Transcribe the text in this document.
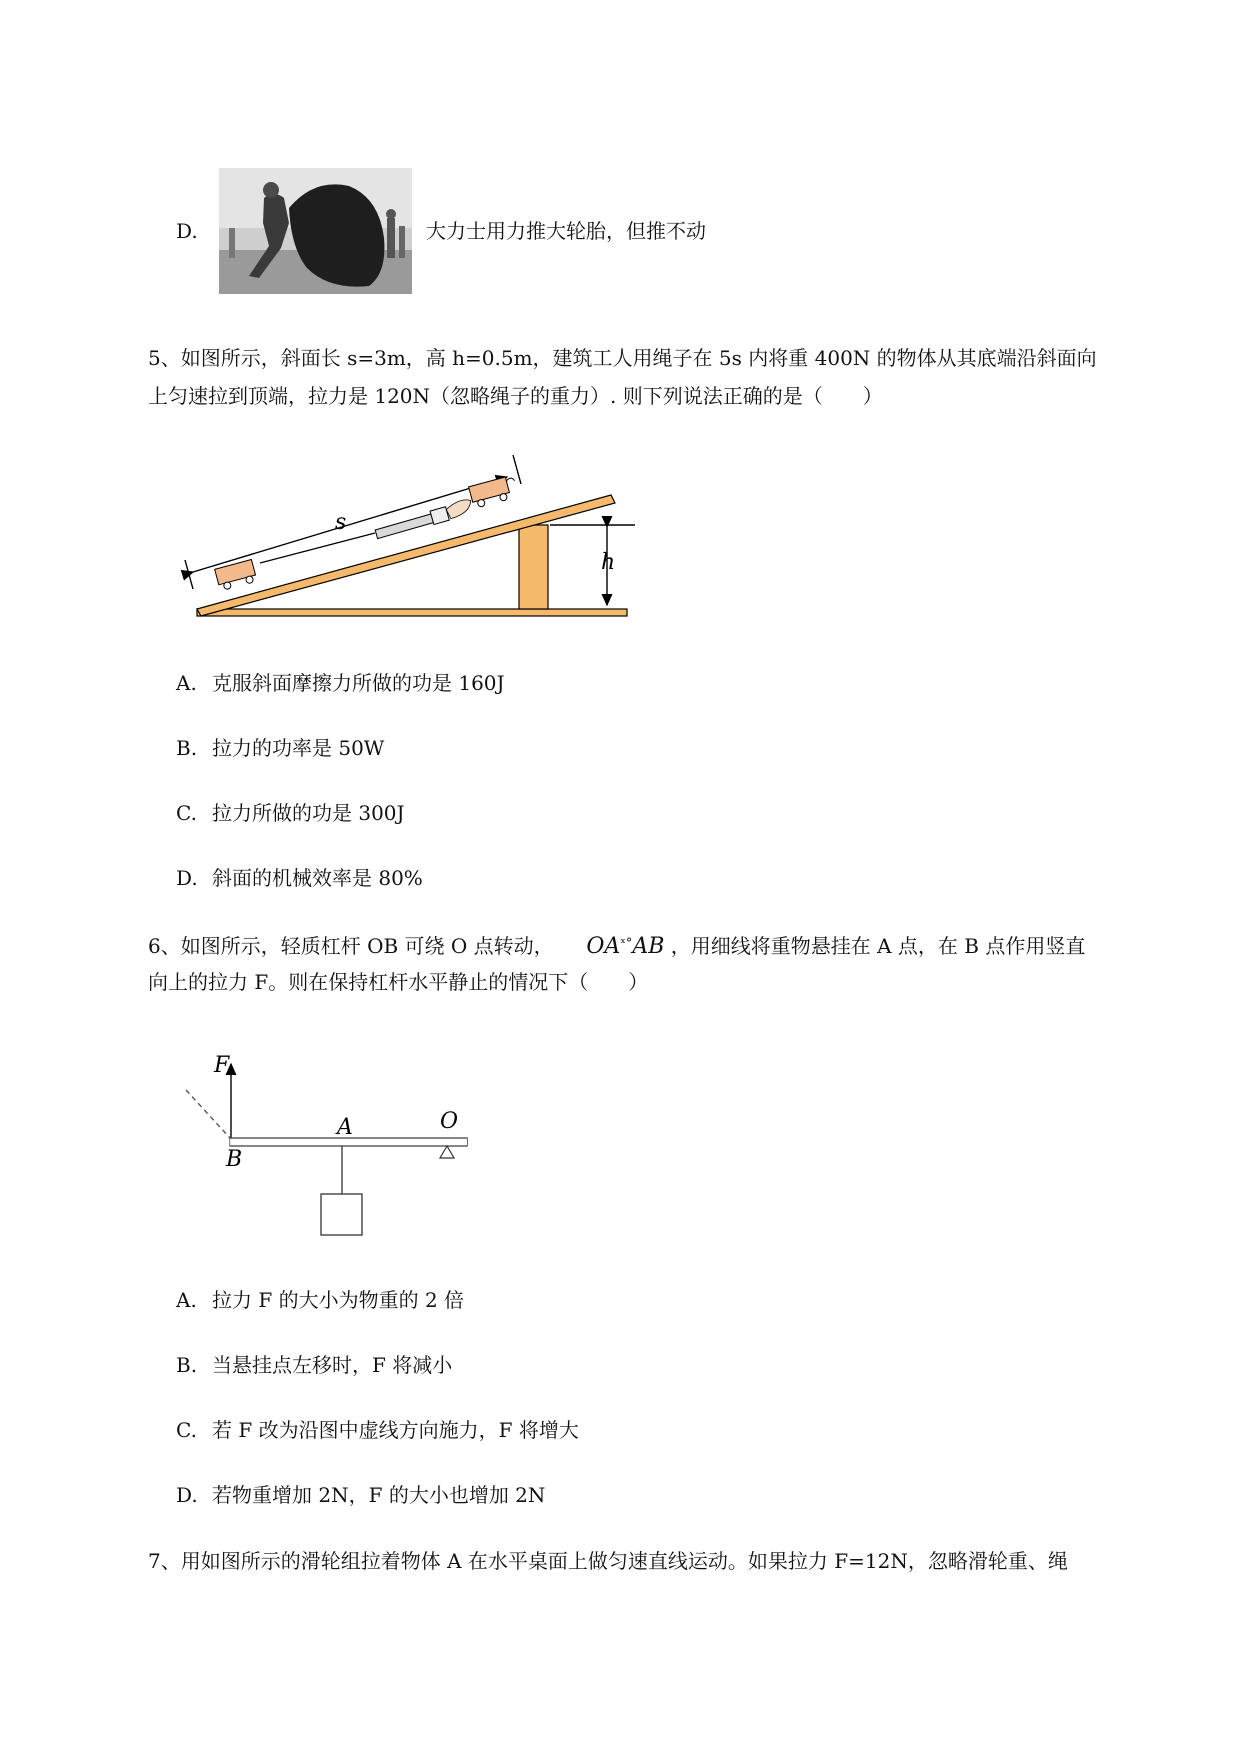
D.	大力士用力推大轮胎，但推不动
5、如图所示，斜面长 s=3m，高 h=0.5m，建筑工人用绳子在 5s 内将重 400N 的物体从其底端沿斜面向
上匀速拉到顶端，拉力是 120N（忽略绳子的重力）. 则下列说法正确的是（　　）
h
s
A. 克服斜面摩擦力所做的功是 160J
B. 拉力的功率是 50W
C. 拉力所做的功是 300J
D. 斜面的机械效率是 80%
6、如图所示，轻质杠杆 OB 可绕 O 点转动， $OA^{ˣ^\circ}AB$ ，用细线将重物悬挂在 A 点，在 B 点作用竖直
向上的拉力 F。则在保持杠杆水平静止的情况下（　　）
F
A	O
B
A. 拉力 F 的大小为物重的 2 倍
B. 当悬挂点左移时，F 将减小
C. 若 F 改为沿图中虚线方向施力，F 将增大
D. 若物重增加 2N，F 的大小也增加 2N
7、用如图所示的滑轮组拉着物体 A 在水平桌面上做匀速直线运动。如果拉力 F=12N，忽略滑轮重、绳
